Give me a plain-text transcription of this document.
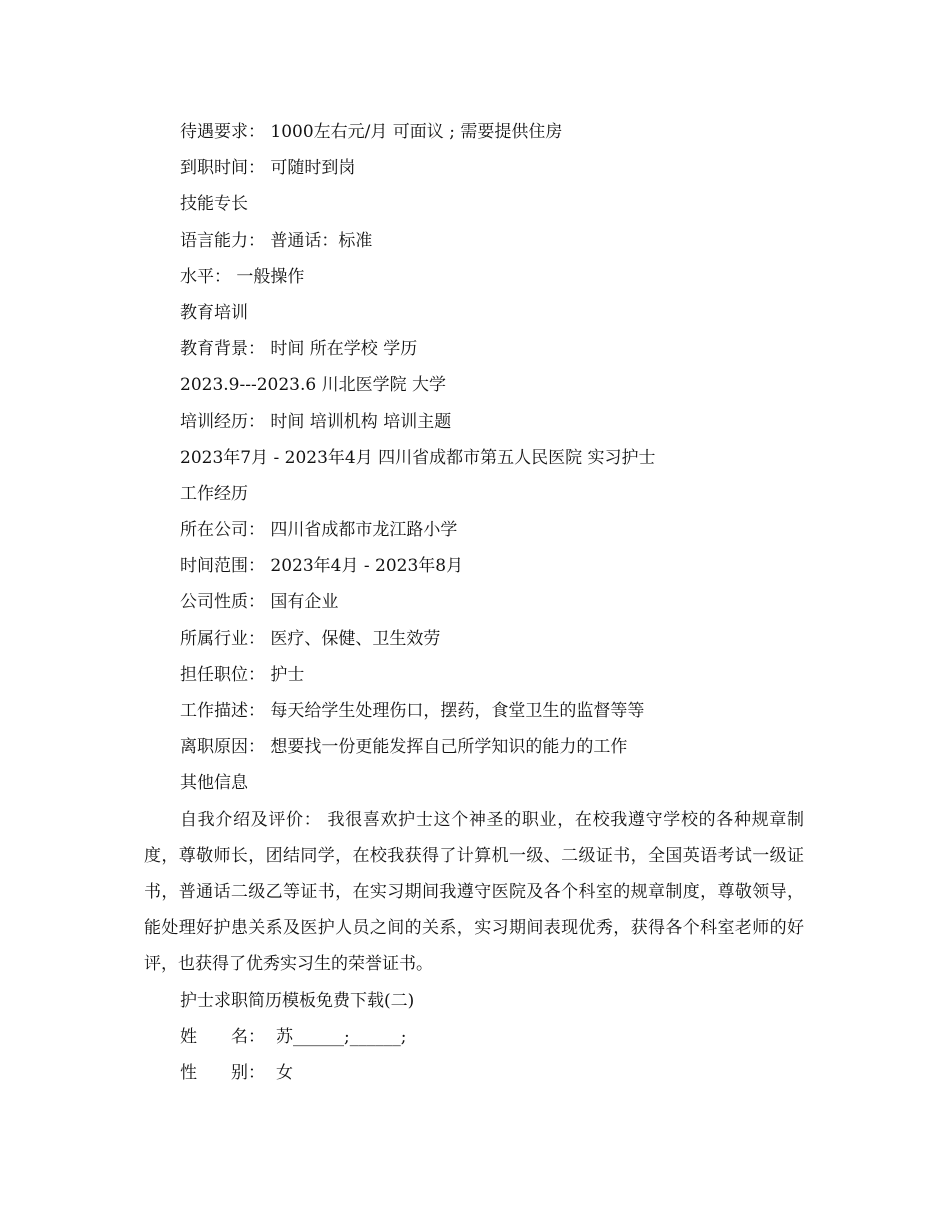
待遇要求： 1000左右元/月 可面议 ; 需要提供住房
到职时间： 可随时到岗
技能专长
语言能力： 普通话：标准
水平： 一般操作
教育培训
教育背景： 时间 所在学校 学历
2023.9---2023.6 川北医学院 大学
培训经历： 时间 培训机构 培训主题
2023年7月 - 2023年4月 四川省成都市第五人民医院 实习护士
工作经历
所在公司： 四川省成都市龙江路小学
时间范围： 2023年4月 - 2023年8月
公司性质： 国有企业
所属行业： 医疗、保健、卫生效劳
担任职位： 护士
工作描述： 每天给学生处理伤口，摆药，食堂卫生的监督等等
离职原因： 想要找一份更能发挥自己所学知识的能力的工作
其他信息

自我介绍及评价： 我很喜欢护士这个神圣的职业，在校我遵守学校的各种规章制度，尊敬师长，团结同学，在校我获得了计算机一级、二级证书，全国英语考试一级证书，普通话二级乙等证书，在实习期间我遵守医院及各个科室的规章制度，尊敬领导，能处理好护患关系及医护人员之间的关系，实习期间表现优秀，获得各个科室老师的好评，也获得了优秀实习生的荣誉证书。

护士求职简历模板免费下载(二)
姓　　名： 苏______;______;
性　　别： 女
